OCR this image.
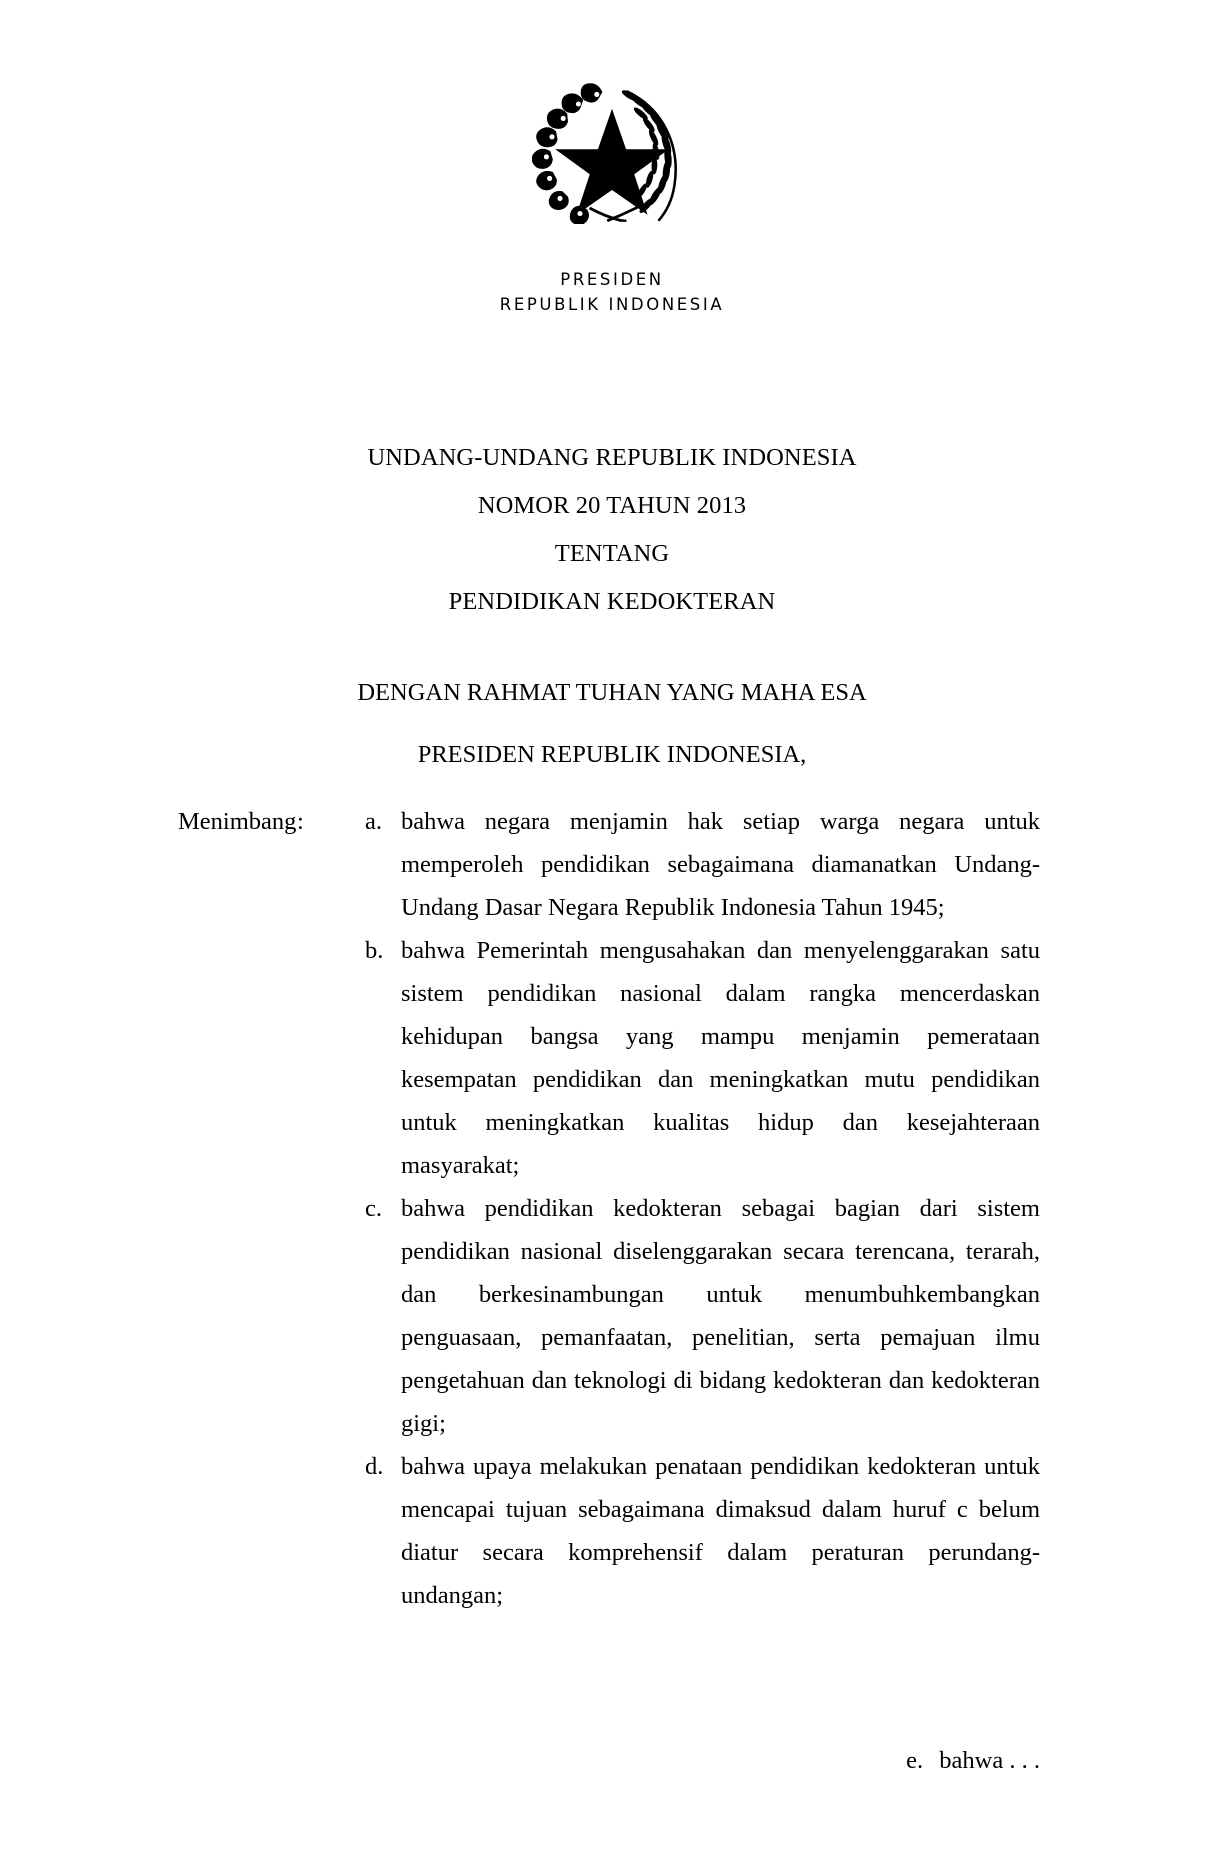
PRESIDEN
REPUBLIK INDONESIA
UNDANG-UNDANG REPUBLIK INDONESIA
NOMOR 20 TAHUN 2013
TENTANG
PENDIDIKAN KEDOKTERAN
DENGAN RAHMAT TUHAN YANG MAHA ESA
PRESIDEN REPUBLIK INDONESIA,
Menimbang :	a. bahwa negara menjamin hak setiap warga negara untuk memperoleh pendidikan sebagaimana diamanatkan Undang-Undang Dasar Negara Republik Indonesia Tahun 1945;
b. bahwa Pemerintah mengusahakan dan menyelenggarakan satu sistem pendidikan nasional dalam rangka mencerdaskan kehidupan bangsa yang mampu menjamin pemerataan kesempatan pendidikan dan meningkatkan mutu pendidikan untuk meningkatkan kualitas hidup dan kesejahteraan masyarakat;
c. bahwa pendidikan kedokteran sebagai bagian dari sistem pendidikan nasional diselenggarakan secara terencana, terarah, dan berkesinambungan untuk menumbuhkembangkan penguasaan, pemanfaatan, penelitian, serta pemajuan ilmu pengetahuan dan teknologi di bidang kedokteran dan kedokteran gigi;
d. bahwa upaya melakukan penataan pendidikan kedokteran untuk mencapai tujuan sebagaimana dimaksud dalam huruf c belum diatur secara komprehensif dalam peraturan perundang-undangan;
e. bahwa . . .
